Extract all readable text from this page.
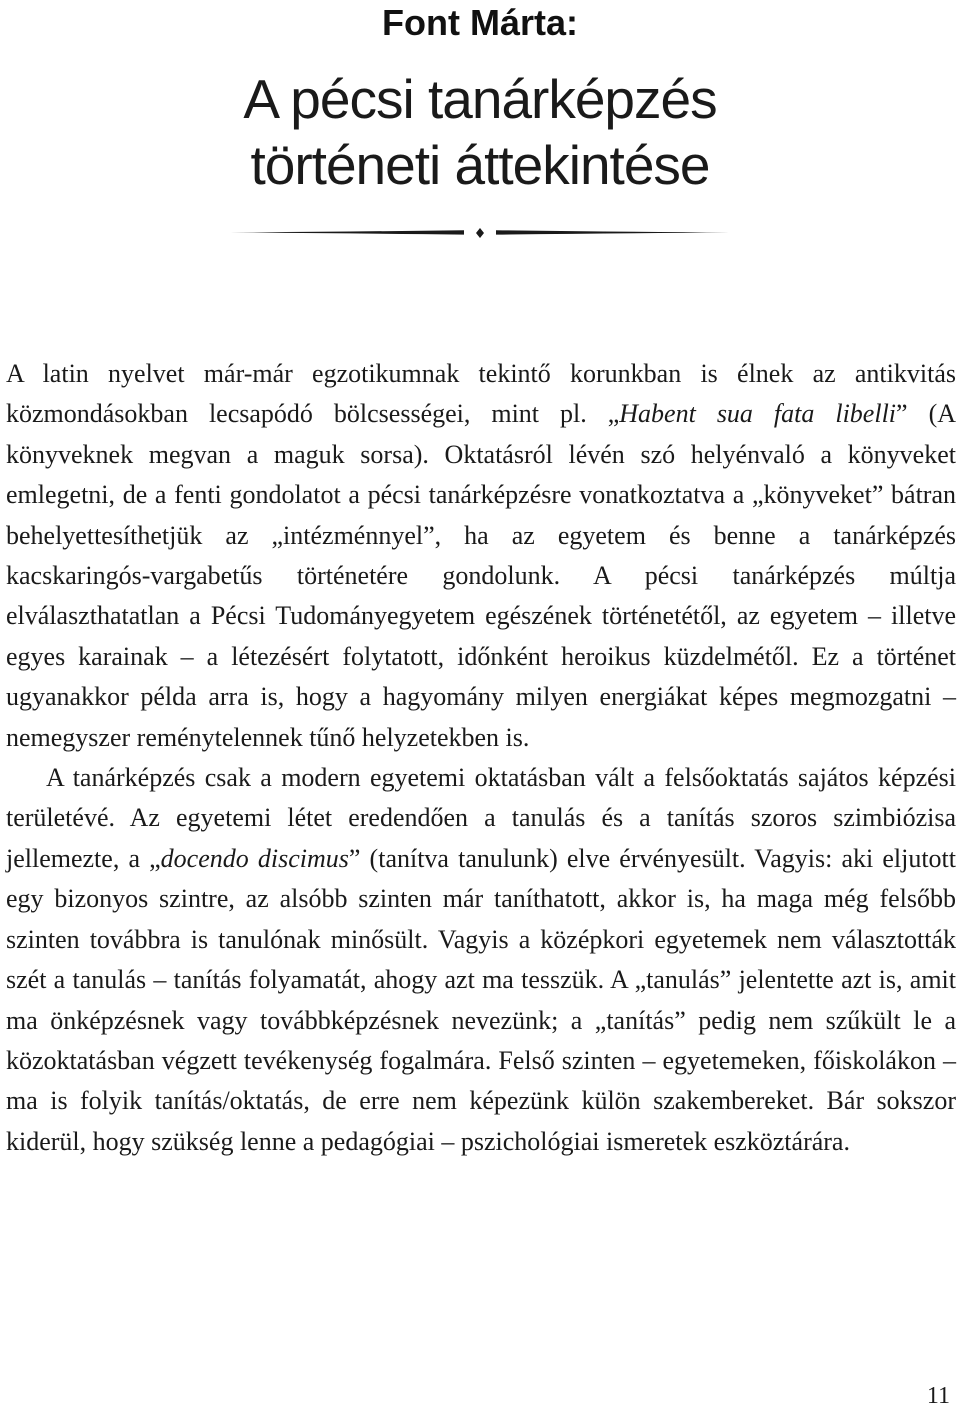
Font Márta:
A pécsi tanárképzés
történeti áttekintése

A latin nyelvet már-már egzotikumnak tekintő korunkban is élnek az antikvitás közmondásokban lecsapódó bölcsességei, mint pl. „Habent sua fata libelli” (A könyveknek megvan a maguk sorsa). Oktatásról lévén szó helyénvaló a könyveket emlegetni, de a fenti gondolatot a pécsi tanárképzésre vonatkoztatva a „könyveket” bátran behelyettesíthetjük az „intézménnyel”, ha az egyetem és benne a tanárképzés kacskaringós-vargabetűs történetére gondolunk. A pécsi tanárképzés múltja elválaszthatatlan a Pécsi Tudományegyetem egészének történetétől, az egyetem – illetve egyes karainak – a létezésért folytatott, időnként heroikus küzdelmétől. Ez a történet ugyanakkor példa arra is, hogy a hagyomány milyen energiákat képes megmozgatni – nemegyszer reménytelennek tűnő helyzetekben is.

A tanárképzés csak a modern egyetemi oktatásban vált a felsőoktatás sajátos képzési területévé. Az egyetemi létet eredendően a tanulás és a tanítás szoros szimbiózisa jellemezte, a „docendo discimus” (tanítva tanulunk) elve érvényesült. Vagyis: aki eljutott egy bizonyos szintre, az alsóbb szinten már taníthatott, akkor is, ha maga még felsőbb szinten továbbra is tanulónak minősült. Vagyis a középkori egyetemek nem választották szét a tanulás – tanítás folyamatát, ahogy azt ma tesszük. A „tanulás” jelentette azt is, amit ma önképzésnek vagy továbbképzésnek nevezünk; a „tanítás” pedig nem szűkült le a közoktatásban végzett tevékenység fogalmára. Felső szinten – egyetemeken, főiskolákon – ma is folyik tanítás/oktatás, de erre nem képezünk külön szakembereket. Bár sokszor kiderül, hogy szükség lenne a pedagógiai – pszichológiai ismeretek eszköztárára.

11
